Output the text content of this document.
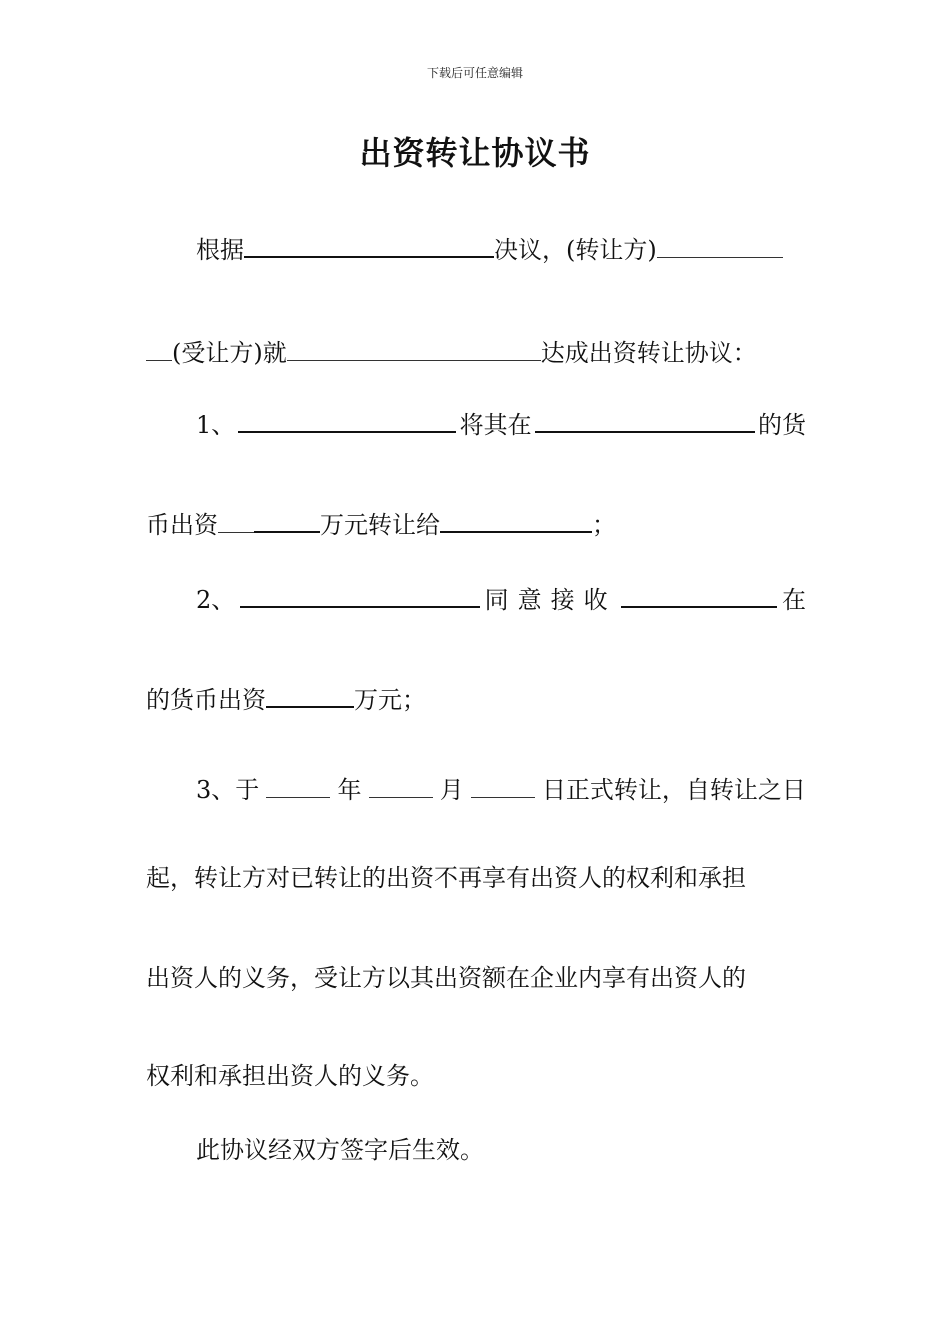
下载后可任意编辑
出资转让协议书
根据	决议，(转让方)
(受让方)就	达成出资转让协议：
1、	将其在	的货
币出资	万元转让给	；
2、	同意接收	在
的货币出资	万元；
3、于	年	月	日正式转让，自转让之日
起，转让方对已转让的出资不再享有出资人的权利和承担
出资人的义务，受让方以其出资额在企业内享有出资人的
权利和承担出资人的义务。
此协议经双方签字后生效。
